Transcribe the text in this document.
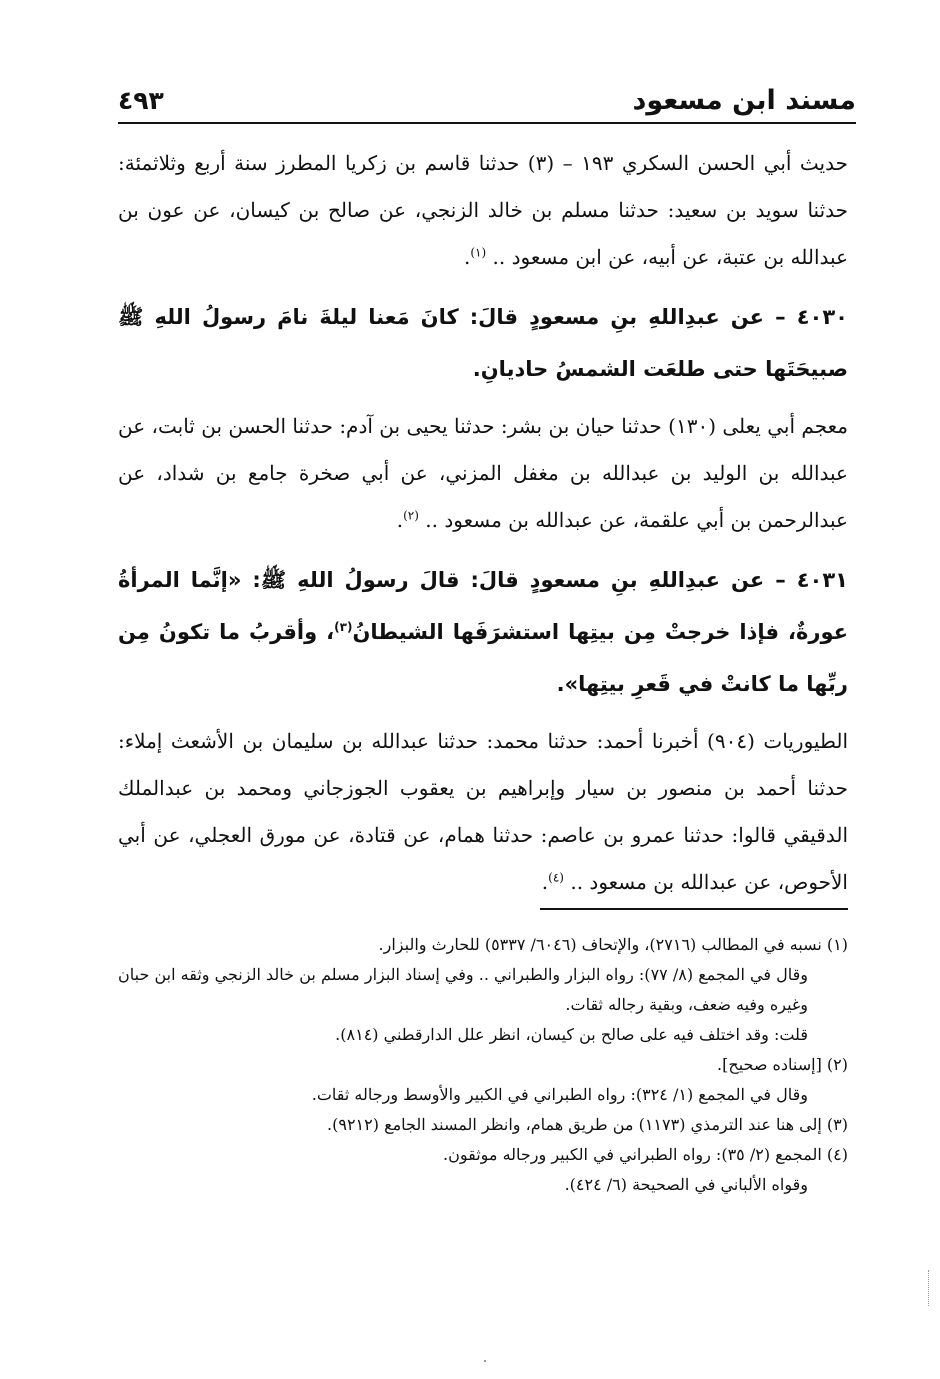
مسند ابن مسعود
٤٩٣

حديث أبي الحسن السكري ١٩٣ – (٣) حدثنا قاسم بن زكريا المطرز سنة أربع وثلاثمئة: حدثنا سويد بن سعيد: حدثنا مسلم بن خالد الزنجي، عن صالح بن كيسان، عن عون بن عبدالله بن عتبة، عن أبيه، عن ابن مسعود .. $^{(١)}$.

٤٠٣٠ – عن عبدِاللهِ بنِ مسعودٍ قالَ: كانَ مَعنا ليلةَ نامَ رسولُ اللهِ ﷺ صبيحَتَها حتى طلعَت الشمسُ حاديانِ.

معجم أبي يعلى (١٣٠) حدثنا حيان بن بشر: حدثنا يحيى بن آدم: حدثنا الحسن بن ثابت، عن عبدالله بن الوليد بن عبدالله بن مغفل المزني، عن أبي صخرة جامع بن شداد، عن عبدالرحمن بن أبي علقمة، عن عبدالله بن مسعود .. $^{(٢)}$.

٤٠٣١ – عن عبدِاللهِ بنِ مسعودٍ قالَ: قالَ رسولُ اللهِ ﷺ: «إنَّما المرأةُ عورةٌ، فإذا خرجتْ مِن بيتِها استشرَفَها الشيطانُ$^{(٣)}$، وأقربُ ما تكونُ مِن ربِّها ما كانتْ في قَعرِ بيتِها».

الطيوريات (٩٠٤) أخبرنا أحمد: حدثنا محمد: حدثنا عبدالله بن سليمان بن الأشعث إملاء: حدثنا أحمد بن منصور بن سيار وإبراهيم بن يعقوب الجوزجاني ومحمد بن عبدالملك الدقيقي قالوا: حدثنا عمرو بن عاصم: حدثنا همام، عن قتادة، عن مورق العجلي، عن أبي الأحوص، عن عبدالله بن مسعود .. $^{(٤)}$.

(١) نسبه في المطالب (٢٧١٦)، والإتحاف (٦٠٤٦/ ٥٣٣٧) للحارث والبزار.

وقال في المجمع (٨/ ٧٧): رواه البزار والطبراني .. وفي إسناد البزار مسلم بن خالد الزنجي وثقه ابن حبان وغيره وفيه ضعف، وبقية رجاله ثقات.

قلت: وقد اختلف فيه على صالح بن كيسان، انظر علل الدارقطني (٨١٤).

(٢) [إسناده صحيح].

وقال في المجمع (١/ ٣٢٤): رواه الطبراني في الكبير والأوسط ورجاله ثقات.

(٣) إلى هنا عند الترمذي (١١٧٣) من طريق همام، وانظر المسند الجامع (٩٢١٢).

(٤) المجمع (٢/ ٣٥): رواه الطبراني في الكبير ورجاله موثقون.

وقواه الألباني في الصحيحة (٦/ ٤٢٤).
